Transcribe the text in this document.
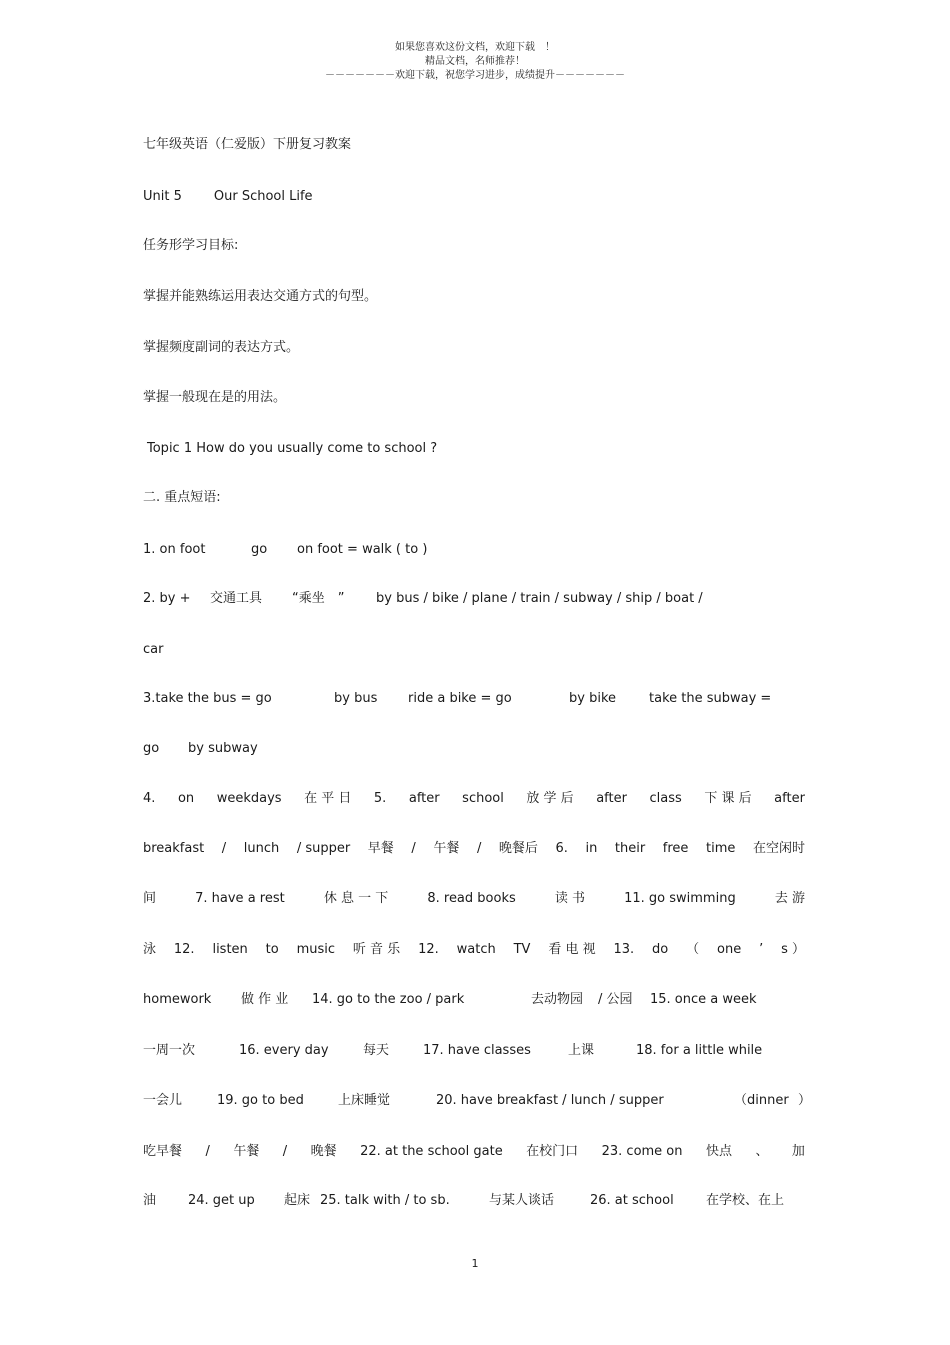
如果您喜欢这份文档，欢迎下载　！
精品文档，名师推荐！
－－－－－－－欢迎下载，祝您学习进步，成绩提升－－－－－－－
七年级英语（仁爱版）下册复习教案
Unit 5 Our School Life
任务形学习目标:
掌握并能熟练运用表达交通方式的句型。
掌握频度副词的表达方式。
掌握一般现在是的用法。
Topic 1 How do you usually come to school ?
二. 重点短语:
1. on foot	go on foot = walk ( to )
2. by + 交通工具 “乘坐　” by bus / bike / plane / train / subway / ship / boat /
car
3.take the bus = go	by bus ride a bike = go	by bike	take the subway =
go by subway
4. on weekdays 在 平 日 5. after school 放 学 后 after class 下 课 后 after
breakfast / lunch / supper 早餐 / 午餐 / 晚餐后 6. in their free time 在空闲时
间	7. have a rest	休 息 一 下	8. read books	读 书	11. go swimming	去 游
泳 12. listen to music 听 音 乐 12. watch TV 看 电 视 13. do （ one ’ s ）
homework 做 作 业 14. go to the zoo / park	去动物园 / 公园 15. once a week
一周一次	16. every day	每天	17. have classes	上课	18. for a little while
一会儿	19. go to bed	上床睡觉	20. have breakfast / lunch / supper	（dinner ）
吃早餐 / 午餐 / 晚餐 22. at the school gate 在校门口 23. come on 快点 、 加
油 24. get up 起床 25. talk with / to sb.	与某人谈话	26. at school 在学校、在上
1
